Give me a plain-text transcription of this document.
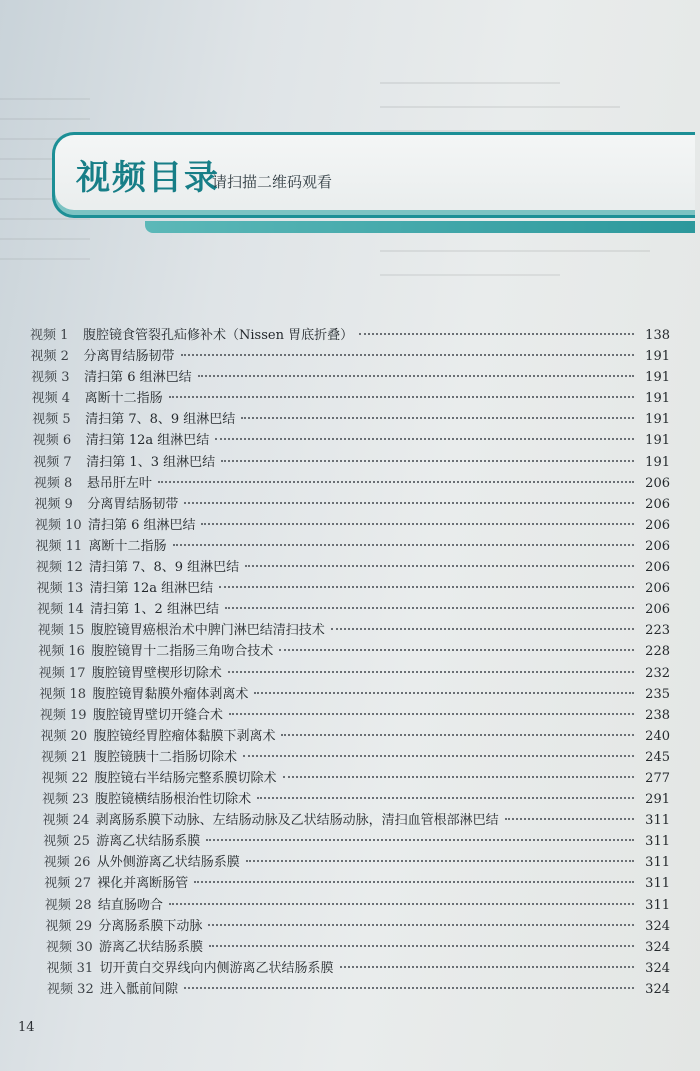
视频目录
请扫描二维码观看
视频 1	腹腔镜食管裂孔疝修补术（Nissen 胃底折叠）	138
视频 2	分离胃结肠韧带	191
视频 3	清扫第 6 组淋巴结	191
视频 4	离断十二指肠	191
视频 5	清扫第 7、8、9 组淋巴结	191
视频 6	清扫第 12a 组淋巴结	191
视频 7	清扫第 1、3 组淋巴结	191
视频 8	悬吊肝左叶	206
视频 9	分离胃结肠韧带	206
视频 10 清扫第 6 组淋巴结	206
视频 11 离断十二指肠	206
视频 12 清扫第 7、8、9 组淋巴结	206
视频 13 清扫第 12a 组淋巴结	206
视频 14 清扫第 1、2 组淋巴结	206
视频 15 腹腔镜胃癌根治术中脾门淋巴结清扫技术	223
视频 16 腹腔镜胃十二指肠三角吻合技术	228
视频 17 腹腔镜胃壁楔形切除术	232
视频 18 腹腔镜胃黏膜外瘤体剥离术	235
视频 19 腹腔镜胃壁切开缝合术	238
视频 20 腹腔镜经胃腔瘤体黏膜下剥离术	240
视频 21 腹腔镜胰十二指肠切除术	245
视频 22 腹腔镜右半结肠完整系膜切除术	277
视频 23 腹腔镜横结肠根治性切除术	291
视频 24 剥离肠系膜下动脉、左结肠动脉及乙状结肠动脉，清扫血管根部淋巴结	311
视频 25 游离乙状结肠系膜	311
视频 26 从外侧游离乙状结肠系膜	311
视频 27 裸化并离断肠管	311
视频 28 结直肠吻合	311
视频 29 分离肠系膜下动脉	324
视频 30 游离乙状结肠系膜	324
视频 31 切开黄白交界线向内侧游离乙状结肠系膜	324
视频 32 进入骶前间隙	324
14
